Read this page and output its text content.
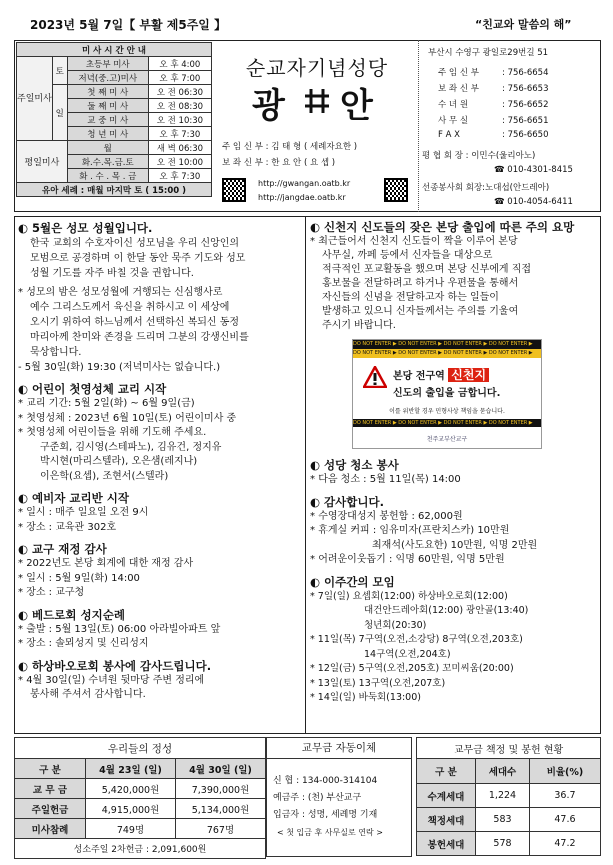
2023년 5월 7일【 부활 제5주일 】	“친교와 말씀의 해”
미 사 시 간 안 내			
주일미사	토	초등부 미사	오 후 4:00
		저녁(중.고)미사	오 후 7:00
	일	첫 째 미 사	오 전 06:30
		둘 째 미 사	오 전 08:30
		교 중 미 사	오 전 10:30
		청 년 미 사	오 후 7:30
평일미사		월	새 벽 06:30
		화.수.목.금.토	오 전 10:00
		화 . 수 . 목 . 금	오 후 7:30
유아 세례 : 매월 마지막 토 ( 15:00 )			
순교자기념성당
광 안
주 임 신 부 : 김 태 형 ( 세례자요한 )
보 좌 신 부 : 한 요 안 ( 요 셉 )
http://gwangan.oatb.kr
http://jangdae.oatb.kr
부산시 수영구 광일로29번길 51
주 임 신 부	: 756-6654
보 좌 신 부	: 756-6653
수 녀 원	: 756-6652
사 무 실	: 756-6651
F A X	: 756-6650
평 협 회 장 : 이민수(울리아노)
☎ 010-4301-8415
선종봉사회 회장:노대섭(안드레아)
☎ 010-4054-6411
◐ 5월은 성모 성월입니다.
한국 교회의 수호자이신 성모님을 우리 신앙인의
모범으로 공경하며 이 한달 동안 묵주 기도와 성모
성월 기도를 자주 바칠 것을 권합니다.
* 성모의 밤은 성모성월에 거행되는 신심행사로
예수 그리스도께서 육신을 취하시고 이 세상에
오시기 위하여 하느님께서 선택하신 복되신 동정
마리아께 찬미와 존경을 드리며 그분의 강생신비를
묵상합니다.
- 5월 30일(화) 19:30 (저녁미사는 없습니다.)
◐ 어린이 첫영성체 교리 시작
* 교리 기간: 5월 2일(화) ~ 6월 9일(금)
* 첫영성체 : 2023년 6월 10일(토) 어린이미사 중
* 첫영성체 어린이들을 위해 기도해 주세요.
구준회, 김시영(스테파노), 김유건, 정지유
박시현(마리스텔라), 오은샘(레지나)
이은학(요셉), 조현서(스텔라)
◐ 예비자 교리반 시작
* 일시 : 매주 일요일 오전 9시
* 장소 : 교육관 302호
◐ 교구 재정 감사
* 2022년도 본당 회계에 대한 재정 감사
* 일시 : 5월 9일(화) 14:00
* 장소 : 교구청
◐ 베드로회 성지순례
* 출발 : 5월 13일(토) 06:00 아라빌아파트 앞
* 장소 : 솔뫼성지 및 신리성지
◐ 하상바오로회 봉사에 감사드립니다.
* 4월 30일(일) 수녀원 뒷마당 주변 정리에
봉사해 주셔서 감사합니다.
◐ 신천지 신도들의 잦은 본당 출입에 따른 주의 요망
* 최근들어서 신천지 신도들이 짝을 이루어 본당
사무실, 까페 등에서 신자들을 대상으로
적극적인 포교활동을 했으며 본당 신부에게 직접
홍보물을 전달하려고 하거나 우편물을 통해서
자신들의 신념을 전달하고자 하는 일들이
발생하고 있으니 신자들께서는 주의를 기울여
주시기 바랍니다.
DO NOT ENTER ▶ DO NOT ENTER ▶ DO NOT ENTER ▶ DO NOT ENTER ▶
DO NOT ENTER ▶ DO NOT ENTER ▶ DO NOT ENTER ▶ DO NOT ENTER ▶
본당 전구역 신천지
신도의 출입을 금합니다.
이를 위반할 경우 민형사상 책임을 묻습니다.
DO NOT ENTER ▶ DO NOT ENTER ▶ DO NOT ENTER ▶ DO NOT ENTER ▶
천주교부산교구
◐ 성당 청소 봉사
* 다음 청소 : 5월 11일(목) 14:00
◐ 감사합니다.
* 수영장대성지 봉헌함 : 62,000원
* 휴게실 커피 : 임유미자(프란치스카) 10만원
최재석(사도요한) 10만원, 익명 2만원
* 어려운이웃돕기 : 익명 60만원, 익명 5만원
◐ 이주간의 모임
* 7일(일) 요셉회(12:00) 하상바오로회(12:00)
대건안드레아회(12:00) 광안골(13:40)
청년회(20:30)
* 11일(목) 7구역(오전,소강당) 8구역(오전,203호)
14구역(오전,204호)
* 12일(금) 5구역(오전,205호) 꼬미씨움(20:00)
* 13일(토) 13구역(오전,207호)
* 14일(일) 바둑회(13:00)
우리들의 정성		
구 분	4월 23일 (일)	4월 30일 (일)
교 무 금	5,420,000원	7,390,000원
주일헌금	4,915,000원	5,134,000원
미사참례	749명	767명
성소주일 2차헌금 : 2,091,600원		
교무금 자동이체
신 협 : 134-000-314104
예금주 : (천) 부산교구
입금자 : 성명, 세례명 기재
< 첫 입금 후 사무실로 연락 >
교무금 책정 및 봉헌 현황		
구 분	세대수	비율(%)
수계세대	1,224	36.7
책정세대	583	47.6
봉헌세대	578	47.2
